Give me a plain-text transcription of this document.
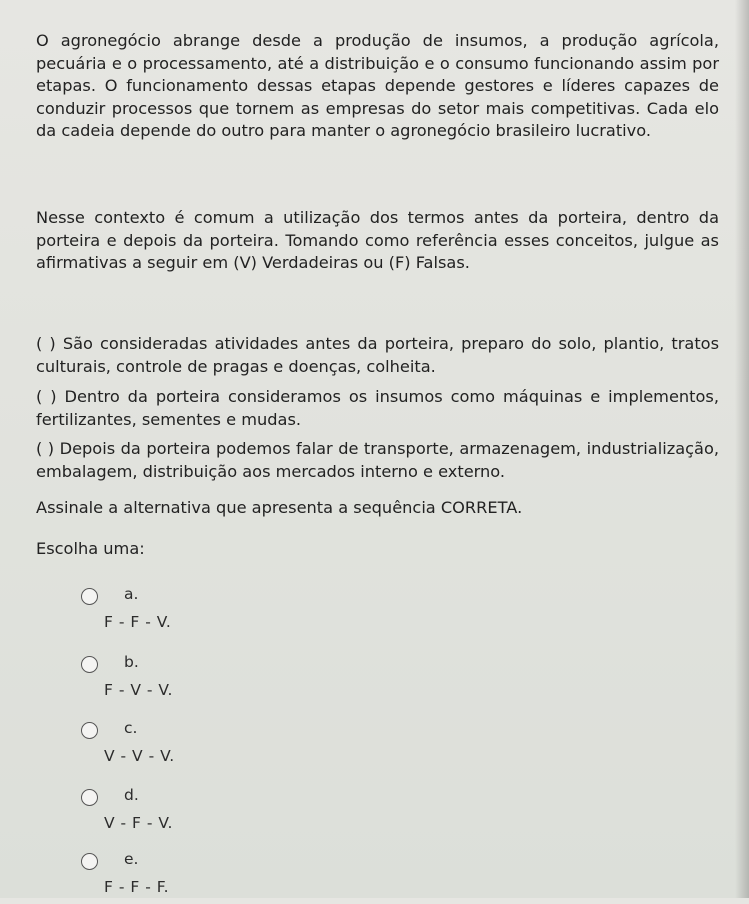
O agronegócio abrange desde a produção de insumos, a produção agrícola, pecuária e o processamento, até a distribuição e o consumo funcionando assim por etapas. O funcionamento dessas etapas depende gestores e líderes capazes de conduzir processos que tornem as empresas do setor mais competitivas. Cada elo da cadeia depende do outro para manter o agronegócio brasileiro lucrativo.

Nesse contexto é comum a utilização dos termos antes da porteira, dentro da porteira e depois da porteira. Tomando como referência esses conceitos, julgue as afirmativas a seguir em (V) Verdadeiras ou (F) Falsas.

( ) São consideradas atividades antes da porteira, preparo do solo, plantio, tratos culturais, controle de pragas e doenças, colheita.

( ) Dentro da porteira consideramos os insumos como máquinas e implementos, fertilizantes, sementes e mudas.

( ) Depois da porteira podemos falar de transporte, armazenagem, industrialização, embalagem, distribuição aos mercados interno e externo.

Assinale a alternativa que apresenta a sequência CORRETA.

Escolha uma:

a.
F - F - V.
b.
F - V - V.
c.
V - V - V.
d.
V - F - V.
e.
F - F - F.
